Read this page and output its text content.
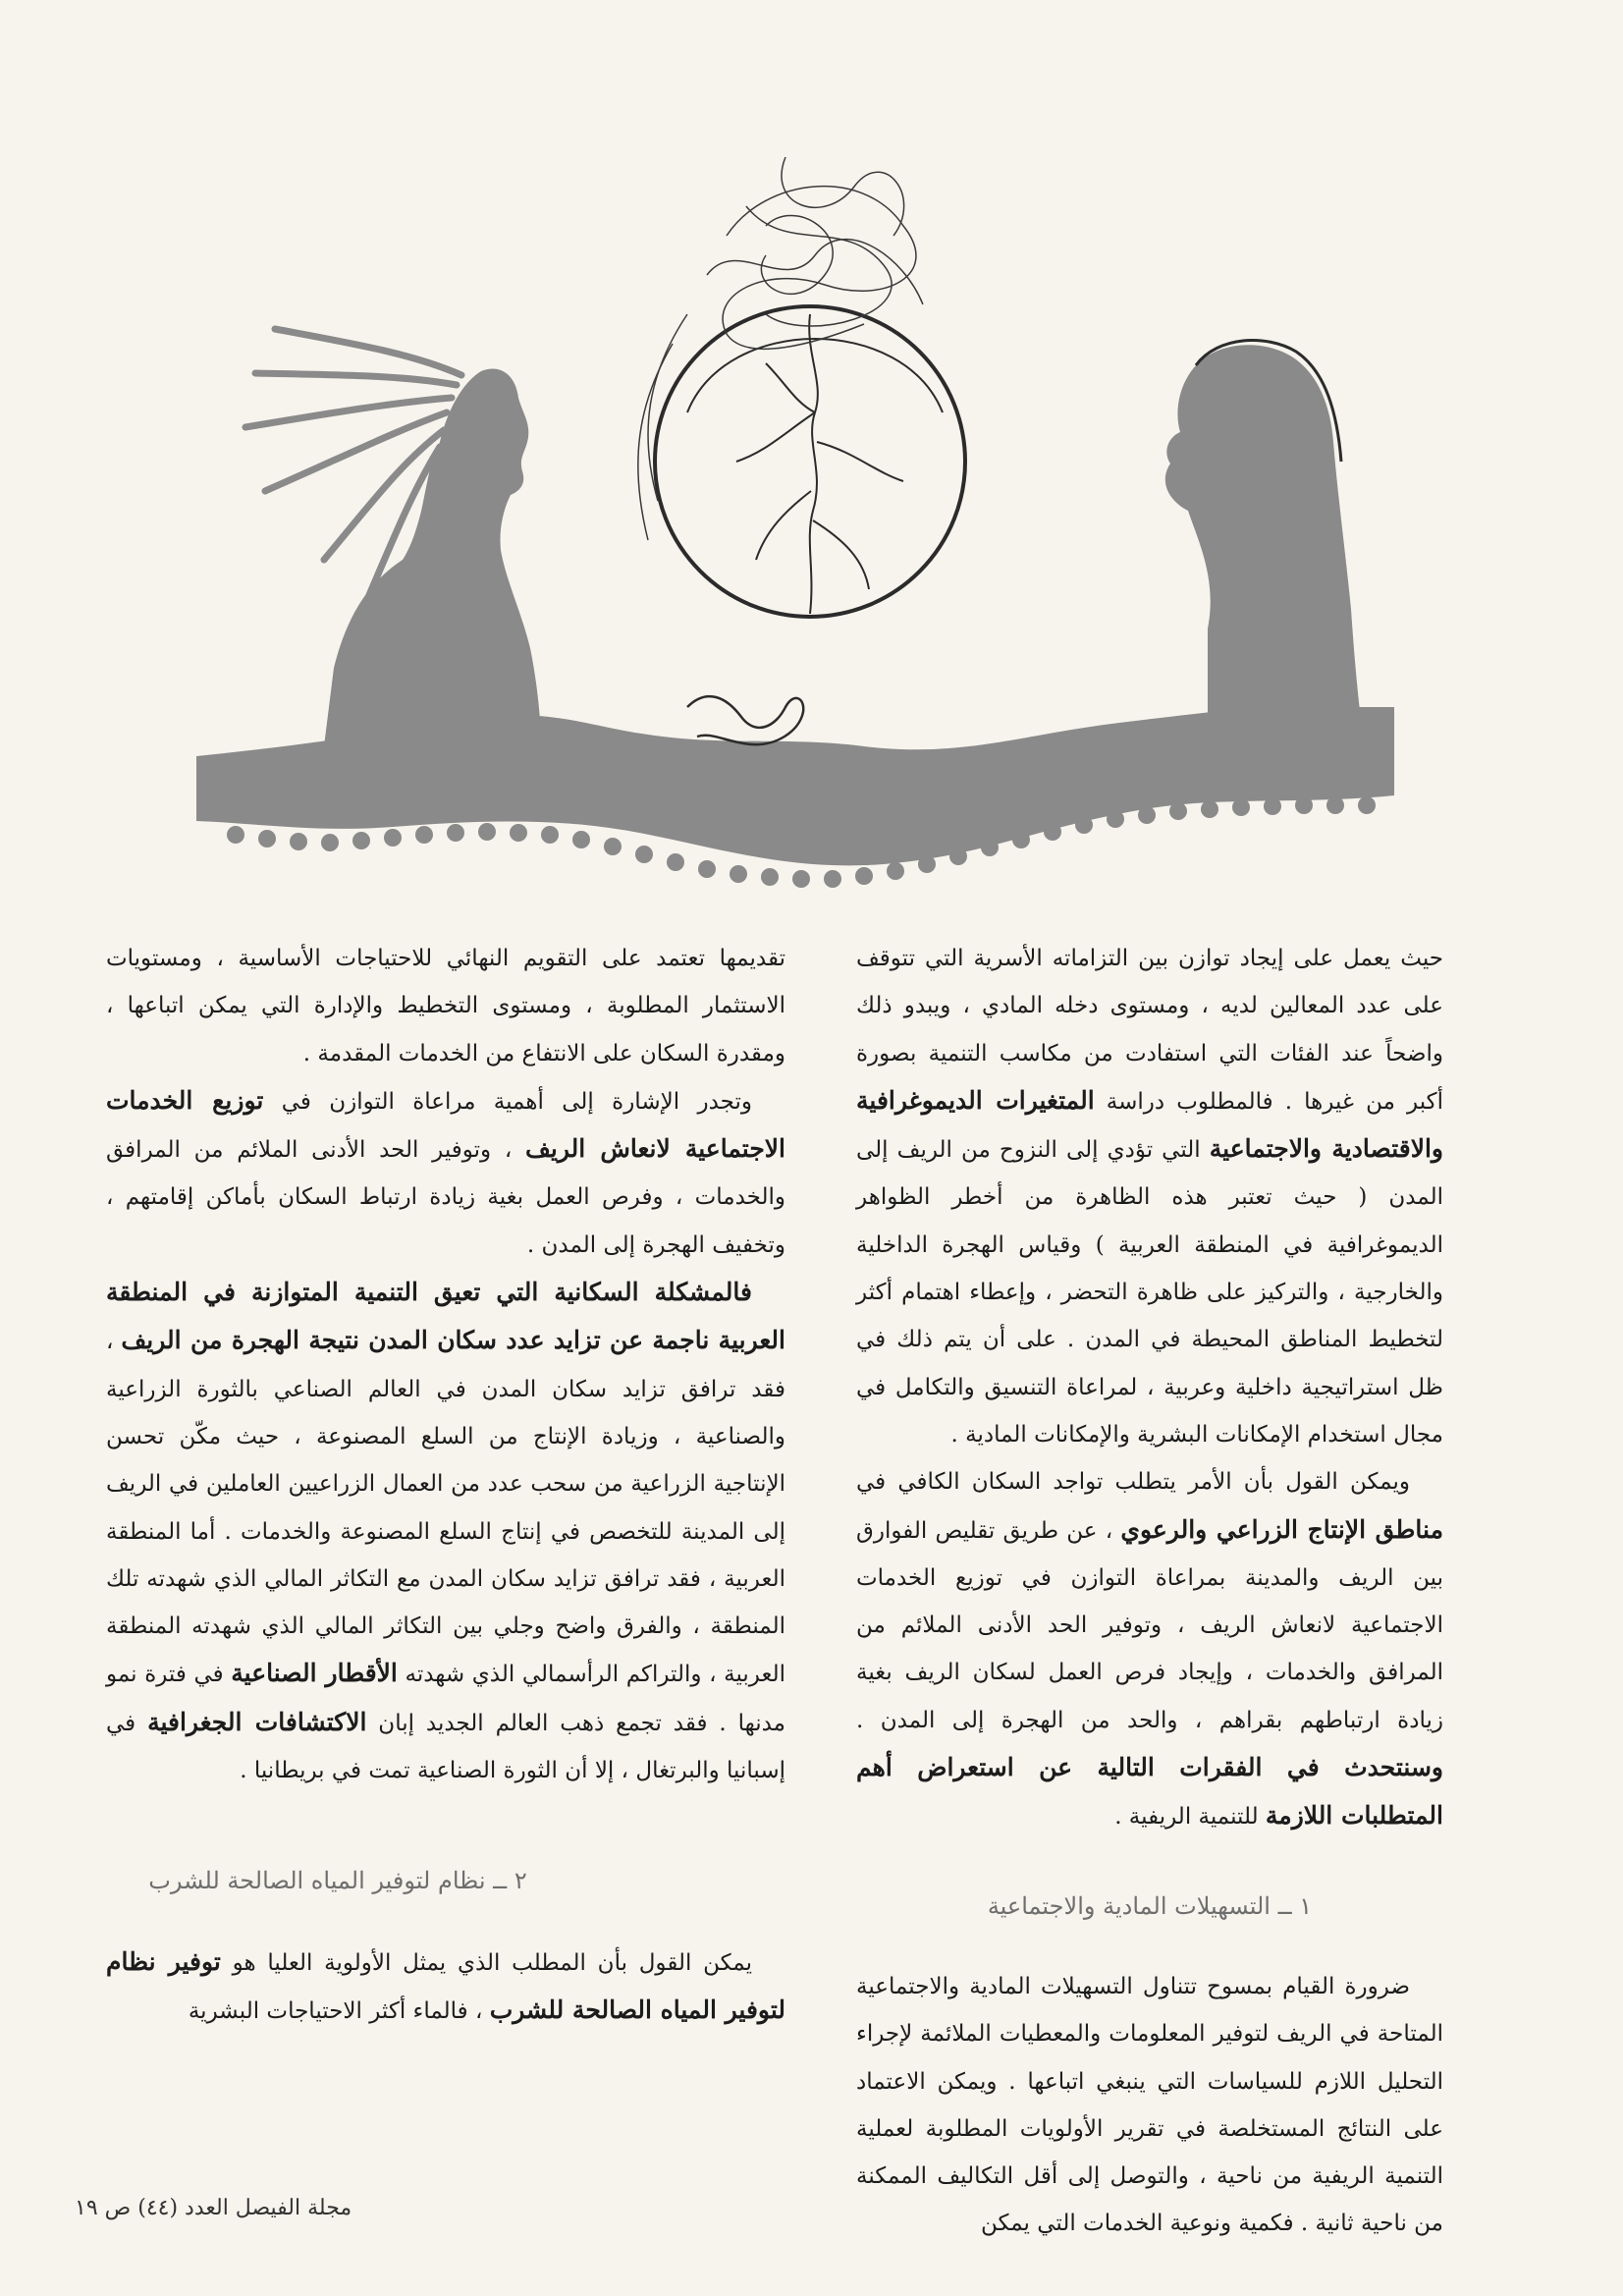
حيث يعمل على إيجاد توازن بين التزاماته الأسرية التي تتوقف على عدد المعالين لديه ، ومستوى دخله المادي ، ويبدو ذلك واضحاً عند الفئات التي استفادت من مكاسب التنمية بصورة أكبر من غيرها . فالمطلوب دراسة المتغيرات الديموغرافية والاقتصادية والاجتماعية التي تؤدي إلى النزوح من الريف إلى المدن ( حيث تعتبر هذه الظاهرة من أخطر الظواهر الديموغرافية في المنطقة العربية ) وقياس الهجرة الداخلية والخارجية ، والتركيز على ظاهرة التحضر ، وإعطاء اهتمام أكثر لتخطيط المناطق المحيطة في المدن . على أن يتم ذلك في ظل استراتيجية داخلية وعربية ، لمراعاة التنسيق والتكامل في مجال استخدام الإمكانات البشرية والإمكانات المادية .

ويمكن القول بأن الأمر يتطلب تواجد السكان الكافي في مناطق الإنتاج الزراعي والرعوي ، عن طريق تقليص الفوارق بين الريف والمدينة بمراعاة التوازن في توزيع الخدمات الاجتماعية لانعاش الريف ، وتوفير الحد الأدنى الملائم من المرافق والخدمات ، وإيجاد فرص العمل لسكان الريف بغية زيادة ارتباطهم بقراهم ، والحد من الهجرة إلى المدن . وسنتحدث في الفقرات التالية عن استعراض أهم المتطلبات اللازمة للتنمية الريفية .

١ ــ التسهيلات المادية والاجتماعية

ضرورة القيام بمسوح تتناول التسهيلات المادية والاجتماعية المتاحة في الريف لتوفير المعلومات والمعطيات الملائمة لإجراء التحليل اللازم للسياسات التي ينبغي اتباعها . ويمكن الاعتماد على النتائج المستخلصة في تقرير الأولويات المطلوبة لعملية التنمية الريفية من ناحية ، والتوصل إلى أقل التكاليف الممكنة من ناحية ثانية . فكمية ونوعية الخدمات التي يمكن

تقديمها تعتمد على التقويم النهائي للاحتياجات الأساسية ، ومستويات الاستثمار المطلوبة ، ومستوى التخطيط والإدارة التي يمكن اتباعها ، ومقدرة السكان على الانتفاع من الخدمات المقدمة .

وتجدر الإشارة إلى أهمية مراعاة التوازن في توزيع الخدمات الاجتماعية لانعاش الريف ، وتوفير الحد الأدنى الملائم من المرافق والخدمات ، وفرص العمل بغية زيادة ارتباط السكان بأماكن إقامتهم ، وتخفيف الهجرة إلى المدن .

فالمشكلة السكانية التي تعيق التنمية المتوازنة في المنطقة العربية ناجمة عن تزايد عدد سكان المدن نتيجة الهجرة من الريف ، فقد ترافق تزايد سكان المدن في العالم الصناعي بالثورة الزراعية والصناعية ، وزيادة الإنتاج من السلع المصنوعة ، حيث مكّن تحسن الإنتاجية الزراعية من سحب عدد من العمال الزراعيين العاملين في الريف إلى المدينة للتخصص في إنتاج السلع المصنوعة والخدمات . أما المنطقة العربية ، فقد ترافق تزايد سكان المدن مع التكاثر المالي الذي شهدته تلك المنطقة ، والفرق واضح وجلي بين التكاثر المالي الذي شهدته المنطقة العربية ، والتراكم الرأسمالي الذي شهدته الأقطار الصناعية في فترة نمو مدنها . فقد تجمع ذهب العالم الجديد إبان الاكتشافات الجغرافية في إسبانيا والبرتغال ، إلا أن الثورة الصناعية تمت في بريطانيا .

٢ ــ نظام لتوفير المياه الصالحة للشرب

يمكن القول بأن المطلب الذي يمثل الأولوية العليا هو توفير نظام لتوفير المياه الصالحة للشرب ، فالماء أكثر الاحتياجات البشرية

مجلة الفيصل العدد (٤٤) ص ١٩
